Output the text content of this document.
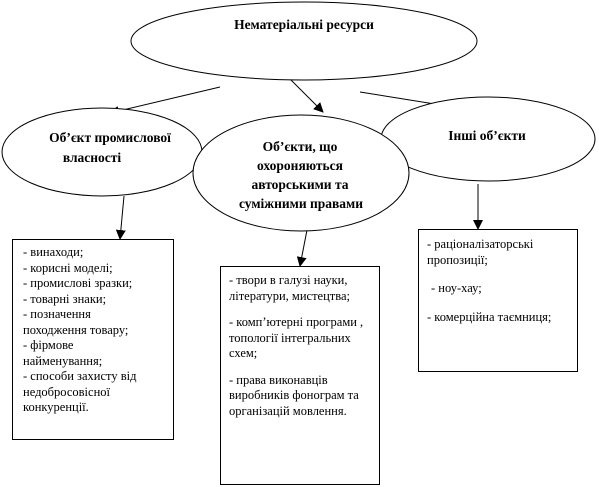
Нематеріальні ресурси
Об’єкт промислової
власності
Інші об’єкти
Об’єкти, що
охороняються
авторськими та
суміжними правами
- винаходи;
- корисні моделі;
- промислові зразки;
- товарні знаки;
- позначення
походження товару;
- фірмове
найменування;
- способи захисту від
недобросовісної
конкуренції.
- твори в галузі науки, літератури, мистецтва;
- комп’ютерні програми , топології інтегральних схем;
- права виконавців виробників фонограм та організацій мовлення.
- раціоналізаторські пропозиції;
- ноу-хау;
- комерційна таємниця;
